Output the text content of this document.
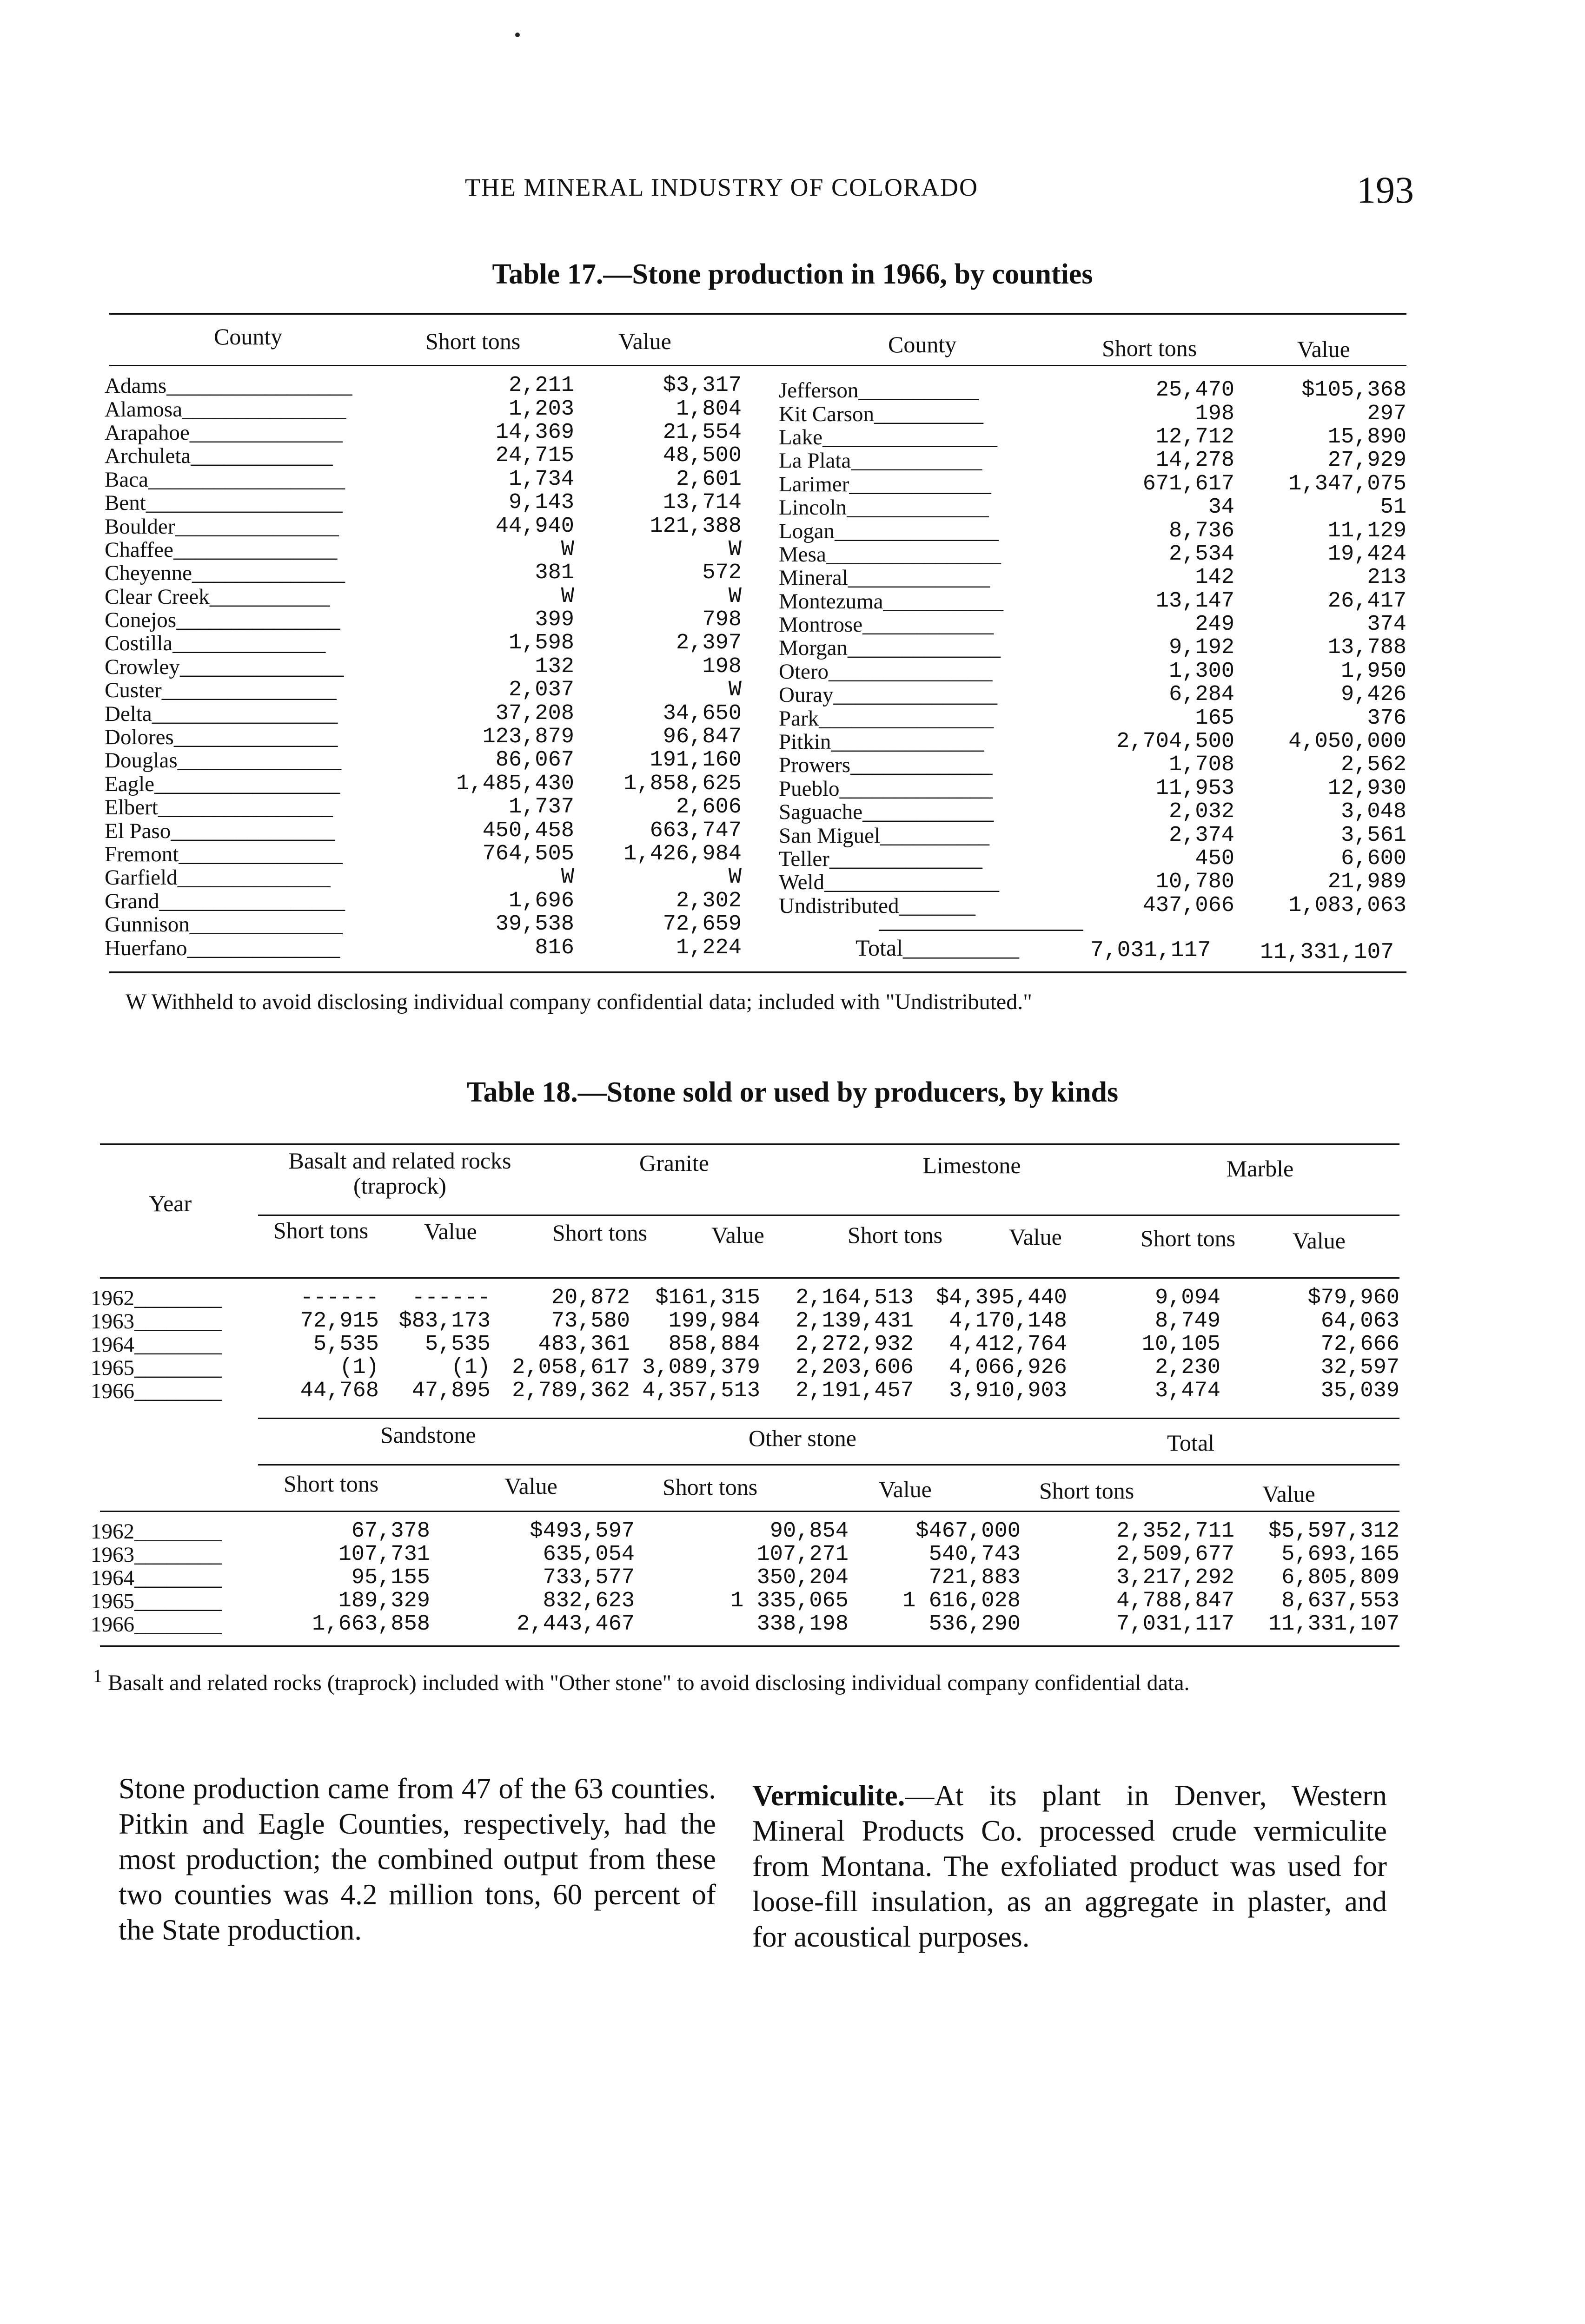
THE MINERAL INDUSTRY OF COLORADO	193
Table 17.—Stone production in 1966, by counties
County	Short tons	Value	County	Short tons	Value
Adams_________________	2,211	$3,317
Alamosa_______________	1,203	1,804
Arapahoe______________	14,369	21,554
Archuleta_____________	24,715	48,500
Baca__________________	1,734	2,601
Bent__________________	9,143	13,714
Boulder_______________	44,940	121,388
Chaffee_______________	W	W
Cheyenne______________	381	572
Clear Creek___________	W	W
Conejos_______________	399	798
Costilla______________	1,598	2,397
Crowley_______________	132	198
Custer________________	2,037	W
Delta_________________	37,208	34,650
Dolores_______________	123,879	96,847
Douglas_______________	86,067	191,160
Eagle_________________	1,485,430	1,858,625
Elbert________________	1,737	2,606
El Paso_______________	450,458	663,747
Fremont_______________	764,505	1,426,984
Garfield______________	W	W
Grand_________________	1,696	2,302
Gunnison______________	39,538	72,659
Huerfano______________	816	1,224
Jefferson___________	25,470	$105,368
Kit Carson__________	198	297
Lake________________	12,712	15,890
La Plata____________	14,278	27,929
Larimer_____________	671,617	1,347,075
Lincoln_____________	34	51
Logan_______________	8,736	11,129
Mesa________________	2,534	19,424
Mineral_____________	142	213
Montezuma___________	13,147	26,417
Montrose____________	249	374
Morgan______________	9,192	13,788
Otero_______________	1,300	1,950
Ouray_______________	6,284	9,426
Park________________	165	376
Pitkin______________	2,704,500	4,050,000
Prowers_____________	1,708	2,562
Pueblo______________	11,953	12,930
Saguache____________	2,032	3,048
San Miguel__________	2,374	3,561
Teller______________	450	6,600
Weld________________	10,780	21,989
Undistributed_______	437,066	1,083,063
Total__________	7,031,117 11,331,107
W Withheld to avoid disclosing individual company confidential data; included with "Undistributed."
Table 18.—Stone sold or used by producers, by kinds
Year
Basalt and related rocks (traprock)
Granite	Limestone	Marble
Short tons Value	Short tons	Value	Short tons	Value	Short tons Value
1962________	------	------	20,872	$161,315	2,164,513	$4,395,440	9,094	$79,960
1963________	72,915	$83,173	73,580	199,984	2,139,431	4,170,148	8,749	64,063
1964________	5,535	5,535	483,361	858,884	2,272,932	4,412,764	10,105	72,666
1965________	(1)	(1)	2,058,617	3,089,379	2,203,606	4,066,926	2,230	32,597
1966________	44,768	47,895	2,789,362	4,357,513	2,191,457	3,910,903	3,474	35,039
Sandstone	Other stone	Total
Short tons	Value	Short tons	Value	Short tons	Value
1962________	67,378	$493,597	90,854	$467,000	2,352,711	$5,597,312
1963________	107,731	635,054	107,271	540,743	2,509,677	5,693,165
1964________	95,155	733,577	350,204	721,883	3,217,292	6,805,809
1965________	189,329	832,623	1 335,065	1 616,028	4,788,847	8,637,553
1966________	1,663,858	2,443,467	338,198	536,290	7,031,117	11,331,107
$^1$ Basalt and related rocks (traprock) included with "Other stone" to avoid disclosing individual company confidential data.
Stone production came from 47 of the 63 counties. Pitkin and Eagle Counties, respectively, had the most production; the combined output from these two counties was 4.2 million tons, 60 percent of the State production.
Vermiculite.—At its plant in Denver, Western Mineral Products Co. processed crude vermiculite from Montana. The exfoliated product was used for loose-fill insulation, as an aggregate in plaster, and for acoustical purposes.
